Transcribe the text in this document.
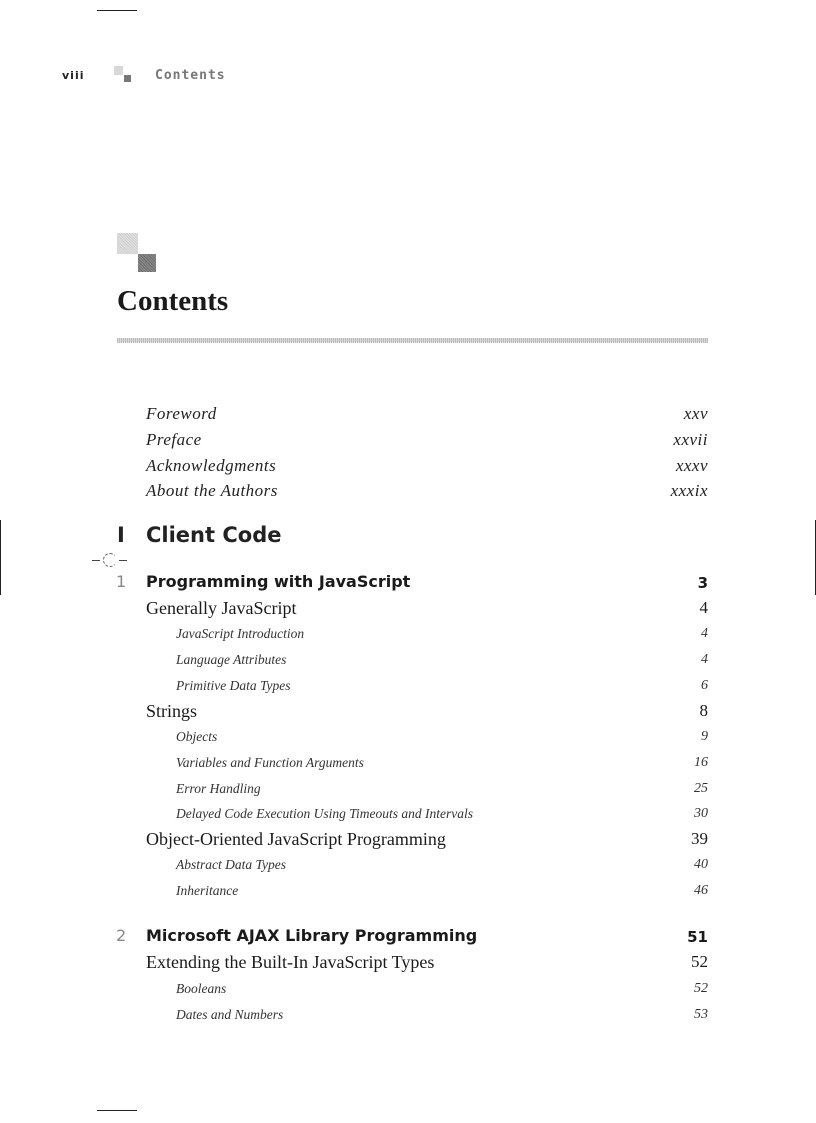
viii	Contents
Contents
Foreword	xxv
Preface	xxvii
Acknowledgments	xxxv
About the Authors	xxxix
I Client Code
1 Programming with JavaScript	3
Generally JavaScript	4
JavaScript Introduction	4
Language Attributes	4
Primitive Data Types	6
Strings	8
Objects	9
Variables and Function Arguments	16
Error Handling	25
Delayed Code Execution Using Timeouts and Intervals	30
Object-Oriented JavaScript Programming	39
Abstract Data Types	40
Inheritance	46
2 Microsoft AJAX Library Programming	51
Extending the Built-In JavaScript Types	52
Booleans	52
Dates and Numbers	53
